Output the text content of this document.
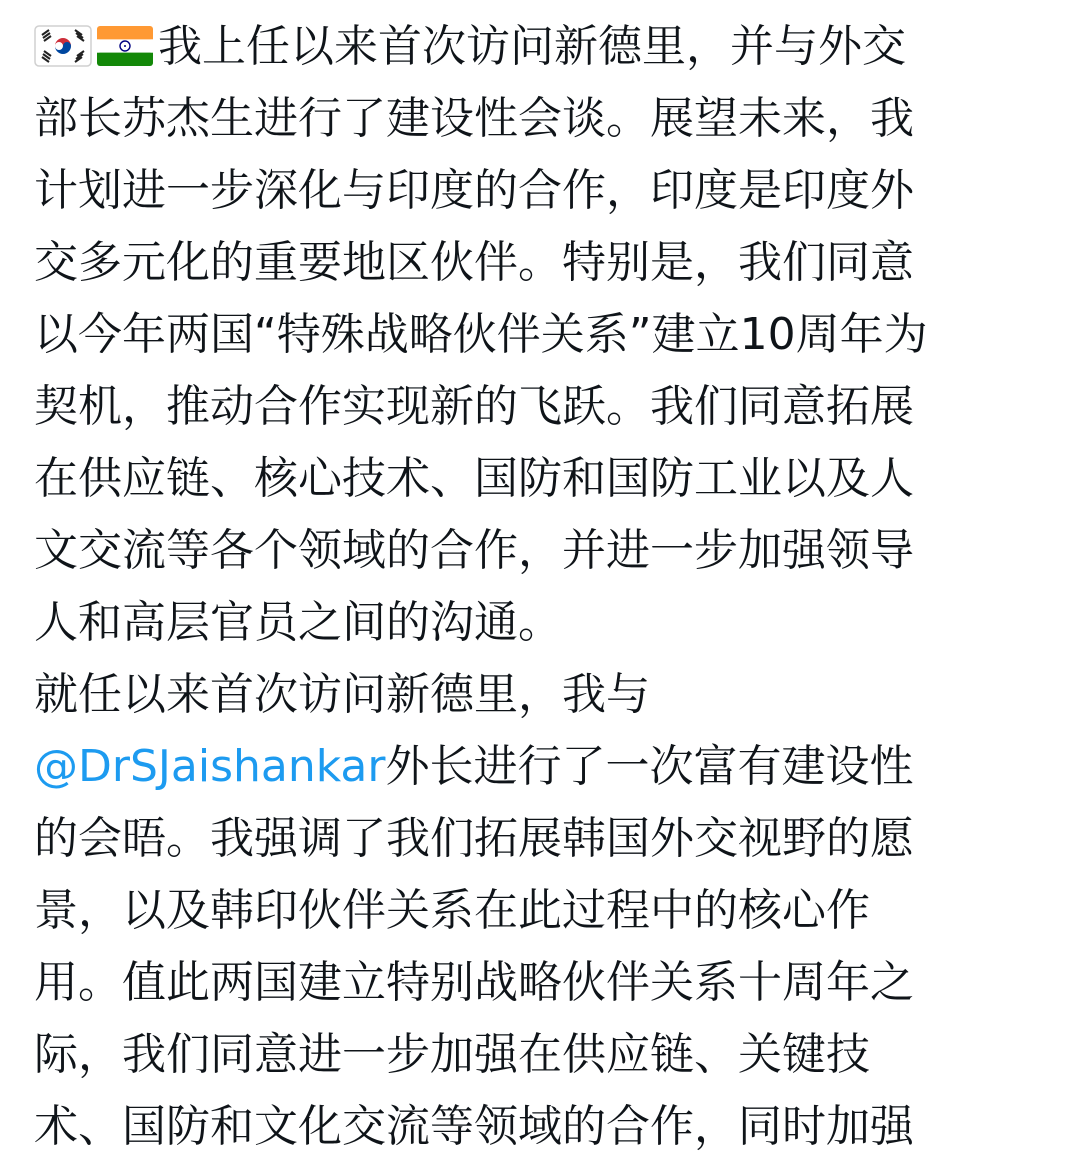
我上任以来首次访问新德里，并与外交
部长苏杰生进行了建设性会谈。展望未来，我
计划进一步深化与印度的合作，印度是印度外
交多元化的重要地区伙伴。特别是，我们同意
以今年两国“特殊战略伙伴关系”建立10周年为
契机，推动合作实现新的飞跃。我们同意拓展
在供应链、核心技术、国防和国防工业以及人
文交流等各个领域的合作，并进一步加强领导
人和高层官员之间的沟通。
就任以来首次访问新德里，我与
@DrSJaishankar外长进行了一次富有建设性
的会晤。我强调了我们拓展韩国外交视野的愿
景，以及韩印伙伴关系在此过程中的核心作
用。值此两国建立特别战略伙伴关系十周年之
际，我们同意进一步加强在供应链、关键技
术、国防和文化交流等领域的合作，同时加强
